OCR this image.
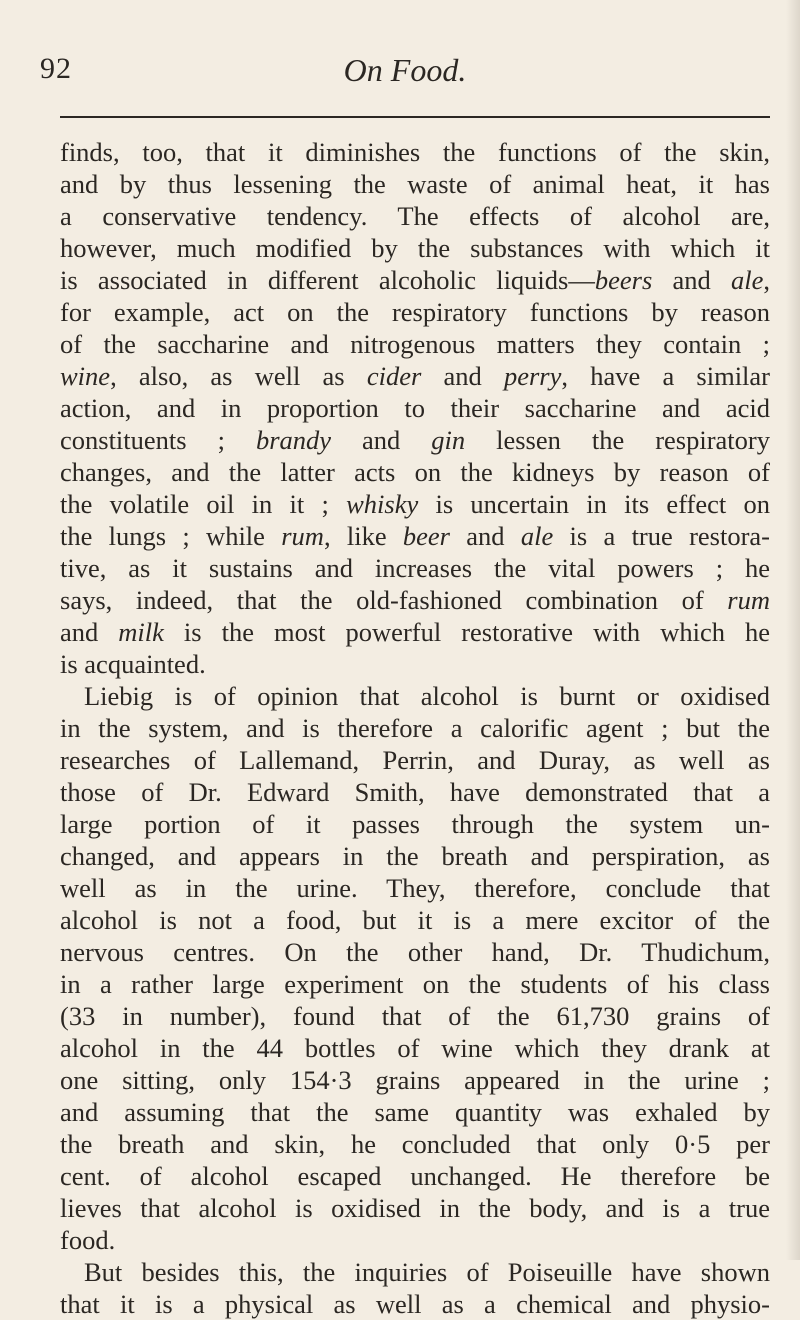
92	On Food.
finds, too, that it diminishes the functions of the skin,
and by thus lessening the waste of animal heat, it has
a conservative tendency. The effects of alcohol are,
however, much modified by the substances with which it
is associated in different alcoholic liquids—beers and ale,
for example, act on the respiratory functions by reason
of the saccharine and nitrogenous matters they contain ;
wine, also, as well as cider and perry, have a similar
action, and in proportion to their saccharine and acid
constituents ; brandy and gin lessen the respiratory
changes, and the latter acts on the kidneys by reason of
the volatile oil in it ; whisky is uncertain in its effect on
the lungs ; while rum, like beer and ale is a true restora-
tive, as it sustains and increases the vital powers ; he
says, indeed, that the old-fashioned combination of rum
and milk is the most powerful restorative with which he
is acquainted.
Liebig is of opinion that alcohol is burnt or oxidised
in the system, and is therefore a calorific agent ; but the
researches of Lallemand, Perrin, and Duray, as well as
those of Dr. Edward Smith, have demonstrated that a
large portion of it passes through the system un-
changed, and appears in the breath and perspiration, as
well as in the urine. They, therefore, conclude that
alcohol is not a food, but it is a mere excitor of the
nervous centres. On the other hand, Dr. Thudichum,
in a rather large experiment on the students of his class
(33 in number), found that of the 61,730 grains of
alcohol in the 44 bottles of wine which they drank at
one sitting, only 154·3 grains appeared in the urine ;
and assuming that the same quantity was exhaled by
the breath and skin, he concluded that only 0·5 per
cent. of alcohol escaped unchanged. He therefore be
lieves that alcohol is oxidised in the body, and is a true
food.
But besides this, the inquiries of Poiseuille have shown
that it is a physical as well as a chemical and physio-
